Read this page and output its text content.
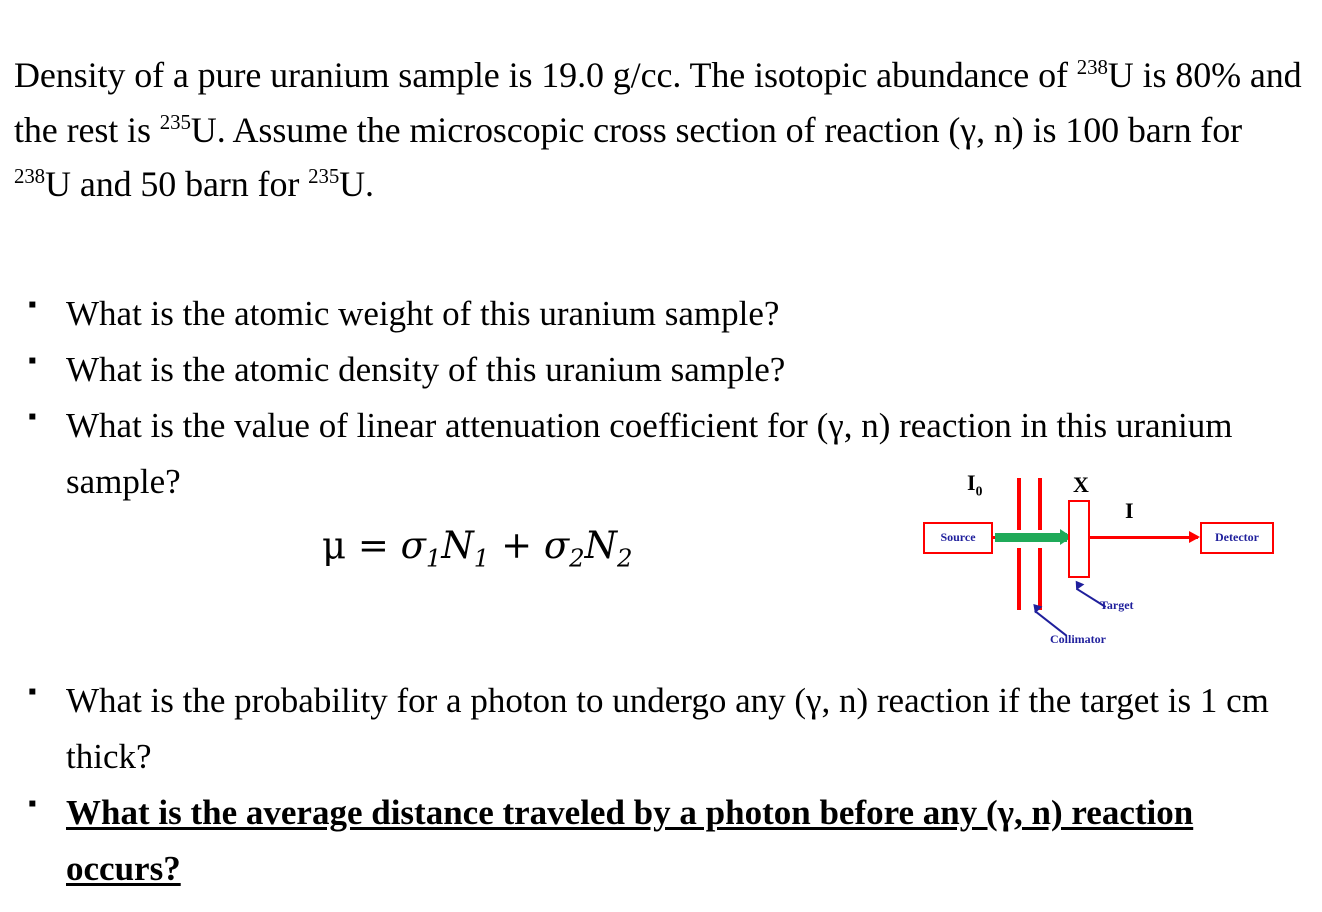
Density of a pure uranium sample is 19.0 g/cc. The isotopic abundance of $^{238}$U is 80% and the rest is $^{235}$U. Assume the microscopic cross section of reaction (γ, n) is 100 barn for $^{238}$U and 50 barn for $^{235}$U.

▪ What is the atomic weight of this uranium sample?
▪ What is the atomic density of this uranium sample?
▪ What is the value of linear attenuation coefficient for (γ, n) reaction in this uranium sample?
$\mu = \sigma_1N_1 + \sigma_2N_2$
Source	Detector
$I_0$	X
I
Target
Collimator
▪ What is the probability for a photon to undergo any (γ, n) reaction if the target is 1 cm thick?
▪ What is the average distance traveled by a photon before any (γ, n) reaction occurs?
